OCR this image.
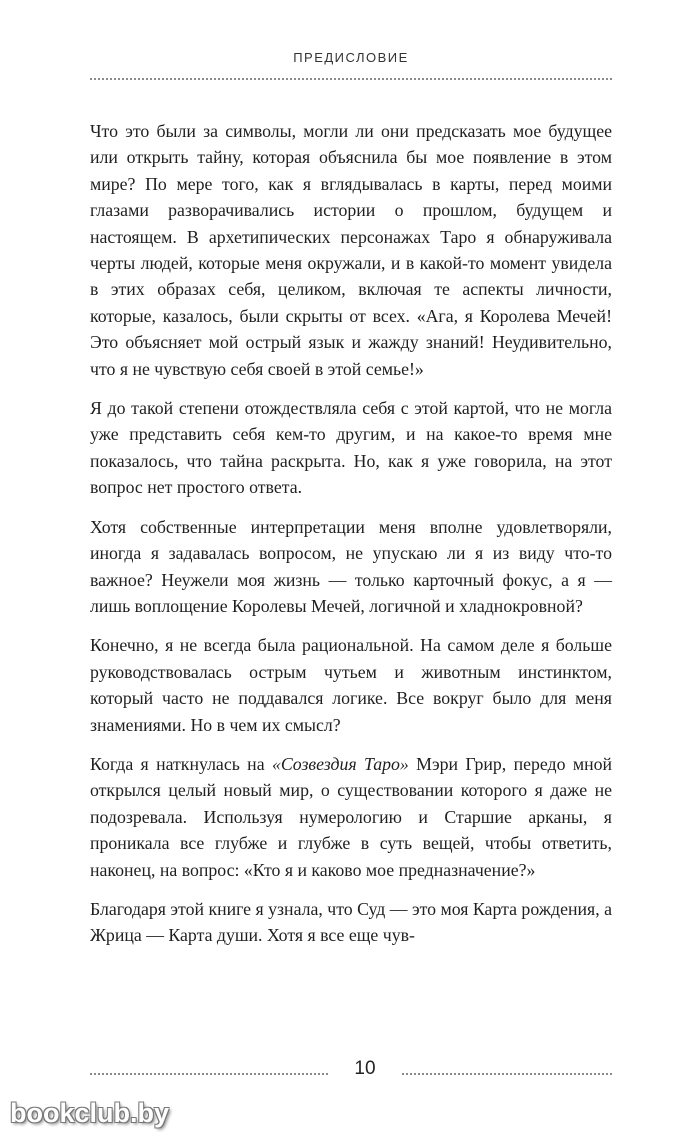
ПРЕДИСЛОВИЕ

Что это были за символы, могли ли они предсказать мое будущее или открыть тайну, которая объяснила бы мое появление в этом мире? По мере того, как я вглядывалась в карты, перед моими глазами разворачивались истории о прошлом, будущем и настоящем. В архетипических персонажах Таро я обнаруживала черты людей, которые меня окружали, и в какой-то момент увидела в этих образах себя, целиком, включая те аспекты личности, которые, казалось, были скрыты от всех. «Ага, я Королева Мечей! Это объясняет мой острый язык и жажду знаний! Неудивительно, что я не чувствую себя своей в этой семье!»

Я до такой степени отождествляла себя с этой картой, что не могла уже представить себя кем-то другим, и на какое-то время мне показалось, что тайна раскрыта. Но, как я уже говорила, на этот вопрос нет простого ответа.

Хотя собственные интерпретации меня вполне удовлетворяли, иногда я задавалась вопросом, не упускаю ли я из виду что-то важное? Неужели моя жизнь — только карточный фокус, а я — лишь воплощение Королевы Мечей, логичной и хладнокровной?

Конечно, я не всегда была рациональной. На самом деле я больше руководствовалась острым чутьем и животным инстинктом, который часто не поддавался логике. Все вокруг было для меня знамениями. Но в чем их смысл?

Когда я наткнулась на «Созвездия Таро» Мэри Грир, передо мной открылся целый новый мир, о существовании которого я даже не подозревала. Используя нумерологию и Старшие арканы, я проникала все глубже и глубже в суть вещей, чтобы ответить, наконец, на вопрос: «Кто я и каково мое предназначение?»

Благодаря этой книге я узнала, что Суд — это моя Карта рождения, а Жрица — Карта души. Хотя я все еще чув-

10
bookclub.by
